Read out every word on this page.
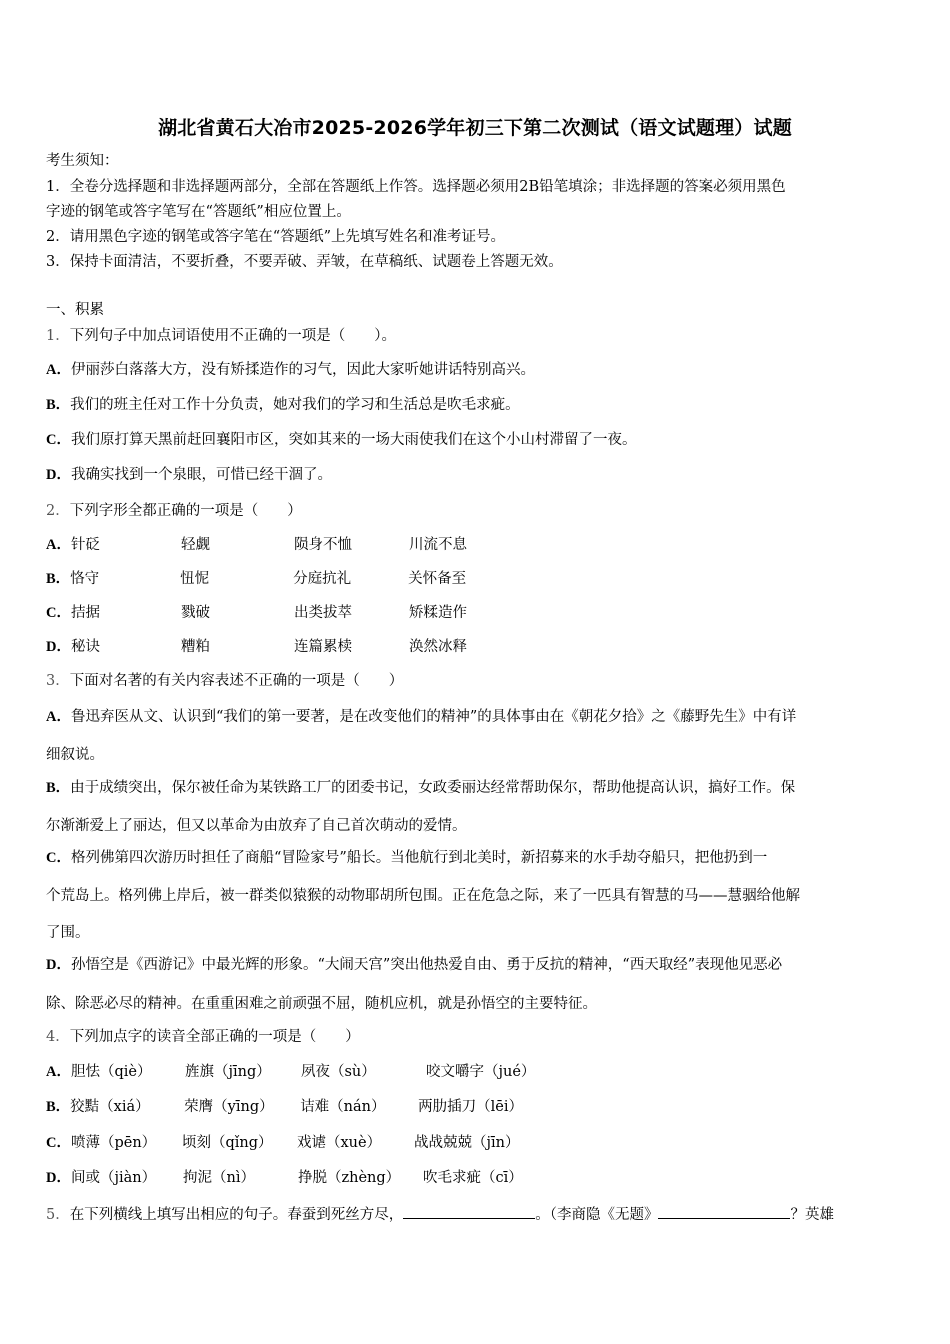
湖北省黄石大冶市2025-2026学年初三下第二次测试（语文试题理）试题
考生须知：
1．全卷分选择题和非选择题两部分，全部在答题纸上作答。选择题必须用2B铅笔填涂；非选择题的答案必须用黑色
字迹的钢笔或答字笔写在“答题纸”相应位置上。
2．请用黑色字迹的钢笔或答字笔在“答题纸”上先填写姓名和准考证号。
3．保持卡面清洁，不要折叠，不要弄破、弄皱，在草稿纸、试题卷上答题无效。
一、积累
1．下列句子中加点词语使用不正确的一项是（　　）。
A．伊丽莎白落落大方，没有矫揉造作的习气，因此大家听她讲话特别高兴。
B．我们的班主任对工作十分负责，她对我们的学习和生活总是吹毛求疵。
C．我们原打算天黑前赶回襄阳市区，突如其来的一场大雨使我们在这个小山村滞留了一夜。
D．我确实找到一个泉眼，可惜已经干涸了。
2．下列字形全都正确的一项是（　　）
A．针砭	轻觑	陨身不恤	川流不息
B．恪守	忸怩	分庭抗礼	关怀备至
C．拮据	戮破	出类拔萃	矫糅造作
D．秘诀	糟粕	连篇累椟	涣然冰释
3．下面对名著的有关内容表述不正确的一项是（　　）
A．鲁迅弃医从文、认识到“我们的第一要著，是在改变他们的精神”的具体事由在《朝花夕拾》之《藤野先生》中有详
细叙说。
B．由于成绩突出，保尔被任命为某铁路工厂的团委书记，女政委丽达经常帮助保尔，帮助他提高认识，搞好工作。保
尔渐渐爱上了丽达，但又以革命为由放弃了自己首次萌动的爱情。
C．格列佛第四次游历时担任了商船“冒险家号”船长。当他航行到北美时，新招募来的水手劫夺船只，把他扔到一
个荒岛上。格列佛上岸后，被一群类似猿猴的动物耶胡所包围。正在危急之际，来了一匹具有智慧的马——慧骃给他解
了围。
D．孙悟空是《西游记》中最光辉的形象。“大闹天宫”突出他热爱自由、勇于反抗的精神，“西天取经”表现他见恶必
除、除恶必尽的精神。在重重困难之前顽强不屈，随机应机，就是孙悟空的主要特征。
4．下列加点字的读音全部正确的一项是（　　）
A．胆怯（qiè） 旌旗（jīng） 夙夜（sù）	咬文嚼字（jué）
B．狡黠（xiá） 荣膺（yīng） 诘难（nán） 两肋插刀（lēi）
C．喷薄（pēn） 顷刻（qǐng） 戏谑（xuè） 战战兢兢（jīn）
D．间或（jiàn） 拘泥（nì）	挣脱（zhèng） 吹毛求疵（cī）
5．在下列横线上填写出相应的句子。春蚕到死丝方尽，	。（李商隐《无题》	？英雄
